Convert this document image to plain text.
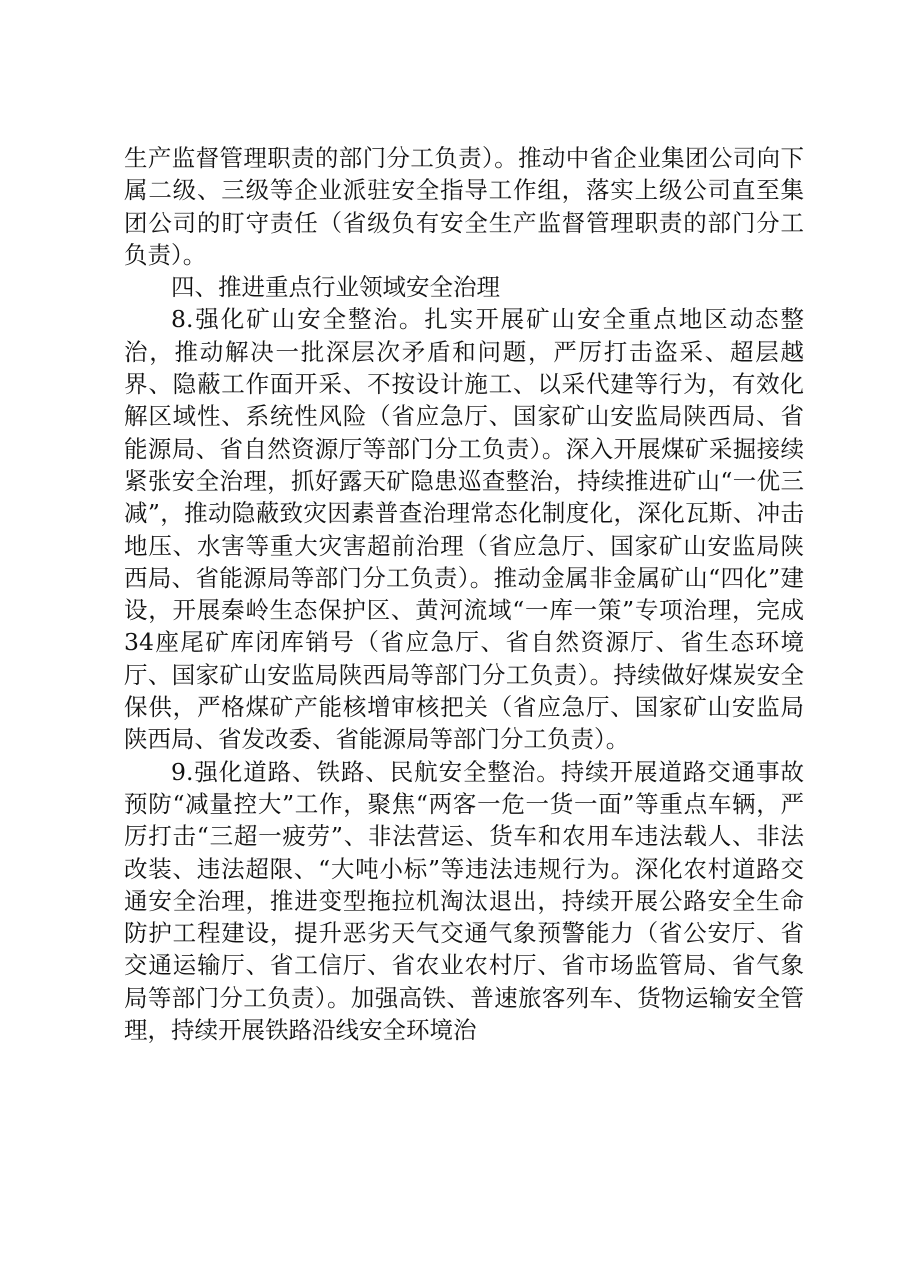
生产监督管理职责的部门分工负责）。推动中省企业集团公司向下属二级、三级等企业派驻安全指导工作组，落实上级公司直至集团公司的盯守责任（省级负有安全生产监督管理职责的部门分工负责）。

四、推进重点行业领域安全治理

8.强化矿山安全整治。扎实开展矿山安全重点地区动态整治，推动解决一批深层次矛盾和问题，严厉打击盗采、超层越界、隐蔽工作面开采、不按设计施工、以采代建等行为，有效化解区域性、系统性风险（省应急厅、国家矿山安监局陕西局、省能源局、省自然资源厅等部门分工负责）。深入开展煤矿采掘接续紧张安全治理，抓好露天矿隐患巡查整治，持续推进矿山“一优三减”，推动隐蔽致灾因素普查治理常态化制度化，深化瓦斯、冲击地压、水害等重大灾害超前治理（省应急厅、国家矿山安监局陕西局、省能源局等部门分工负责）。推动金属非金属矿山“四化”建设，开展秦岭生态保护区、黄河流域“一库一策”专项治理，完成34座尾矿库闭库销号（省应急厅、省自然资源厅、省生态环境厅、国家矿山安监局陕西局等部门分工负责）。持续做好煤炭安全保供，严格煤矿产能核增审核把关（省应急厅、国家矿山安监局陕西局、省发改委、省能源局等部门分工负责）。

9.强化道路、铁路、民航安全整治。持续开展道路交通事故预防“减量控大”工作，聚焦“两客一危一货一面”等重点车辆，严厉打击“三超一疲劳”、非法营运、货车和农用车违法载人、非法改装、违法超限、“大吨小标”等违法违规行为。深化农村道路交通安全治理，推进变型拖拉机淘汰退出，持续开展公路安全生命防护工程建设，提升恶劣天气交通气象预警能力（省公安厅、省交通运输厅、省工信厅、省农业农村厅、省市场监管局、省气象局等部门分工负责）。加强高铁、普速旅客列车、货物运输安全管理，持续开展铁路沿线安全环境治
